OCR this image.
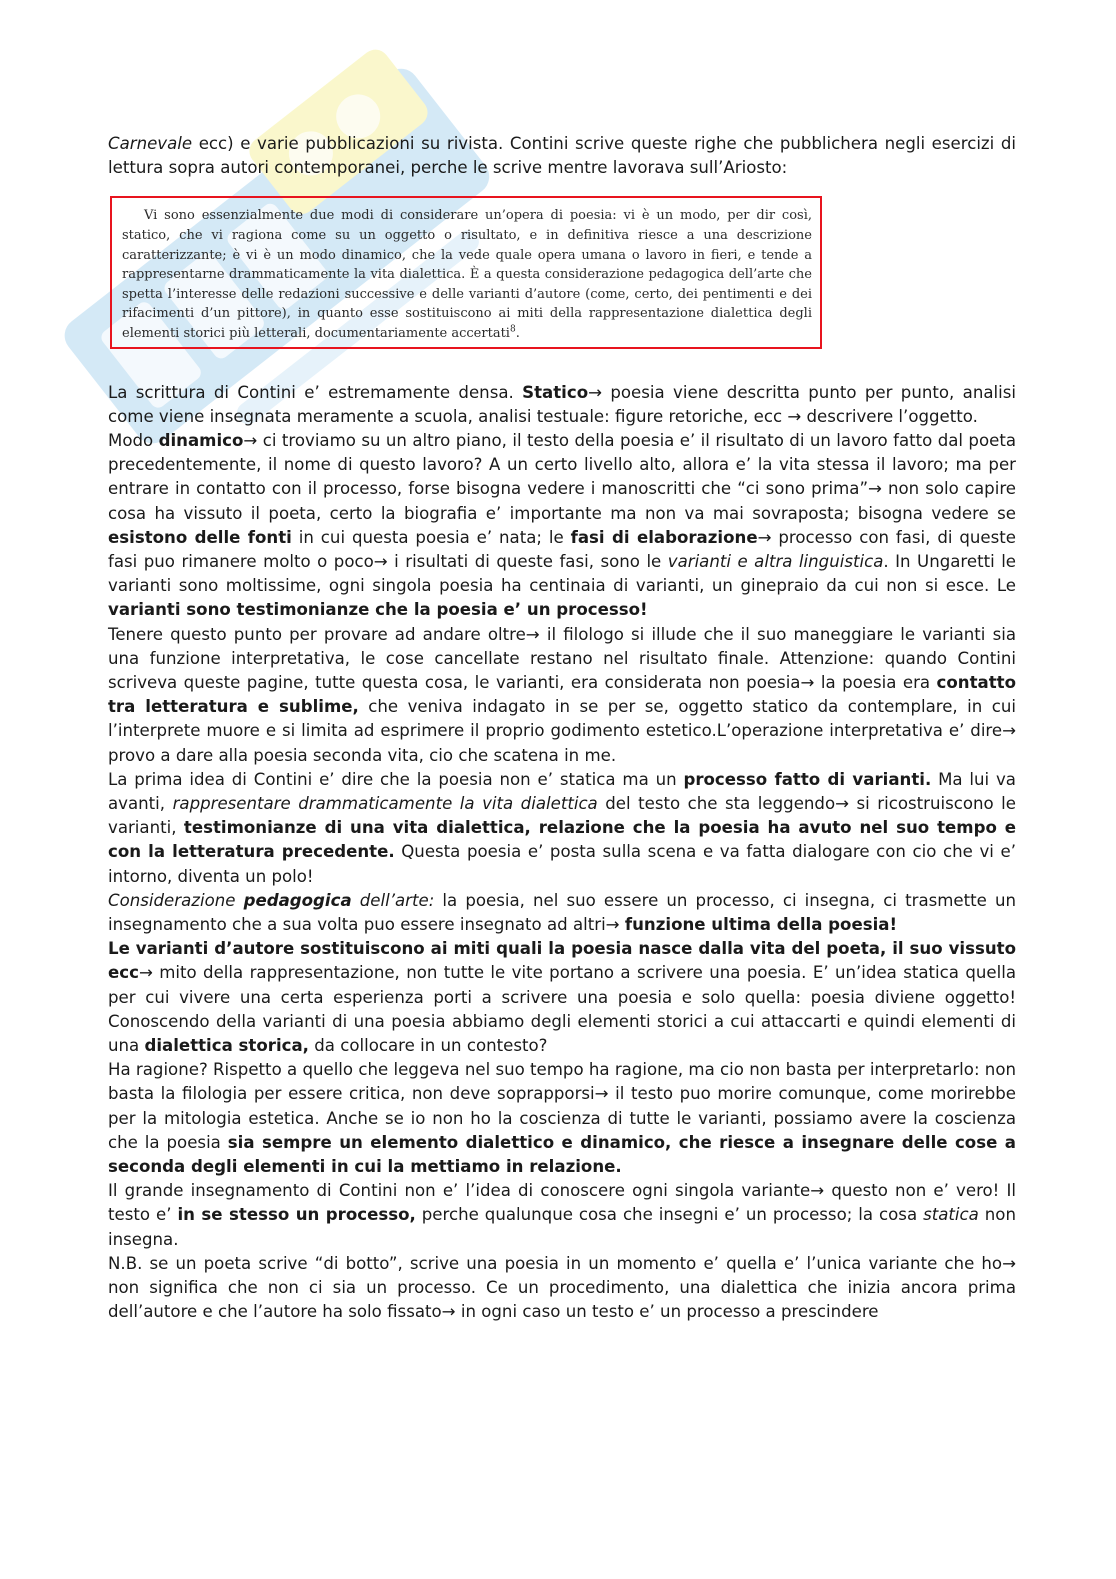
Carnevale ecc) e varie pubblicazioni su rivista. Contini scrive queste righe che pubblichera negli esercizi di lettura sopra autori contemporanei, perche le scrive mentre lavorava sull’Ariosto:

Vi sono essenzialmente due modi di considerare un’opera di poesia: vi è un modo, per dir così, statico, che vi ragiona come su un oggetto o risultato, e in definitiva riesce a una descrizione caratterizzante; è vi è un modo dinamico, che la vede quale opera umana o lavoro in fieri, e tende a rappresentarne drammaticamente la vita dialettica. È a questa considerazione pedagogica dell’arte che spetta l’interesse delle redazioni successive e delle varianti d’autore (come, certo, dei pentimenti e dei rifacimenti d’un pittore), in quanto esse sostituiscono ai miti della rappresentazione dialettica degli elementi storici più letterali, documentariamente accertati$^8$.

La scrittura di Contini e’ estremamente densa. Statico→ poesia viene descritta punto per punto, analisi come viene insegnata meramente a scuola, analisi testuale: figure retoriche, ecc → descrivere l’oggetto.

Modo dinamico→ ci troviamo su un altro piano, il testo della poesia e’ il risultato di un lavoro fatto dal poeta precedentemente, il nome di questo lavoro? A un certo livello alto, allora e’ la vita stessa il lavoro; ma per entrare in contatto con il processo, forse bisogna vedere i manoscritti che “ci sono prima”→ non solo capire cosa ha vissuto il poeta, certo la biografia e’ importante ma non va mai sovraposta; bisogna vedere se esistono delle fonti in cui questa poesia e’ nata; le fasi di elaborazione→ processo con fasi, di queste fasi puo rimanere molto o poco→ i risultati di queste fasi, sono le varianti e altra linguistica. In Ungaretti le varianti sono moltissime, ogni singola poesia ha centinaia di varianti, un ginepraio da cui non si esce. Le varianti sono testimonianze che la poesia e’ un processo!

Tenere questo punto per provare ad andare oltre→ il filologo si illude che il suo maneggiare le varianti sia una funzione interpretativa, le cose cancellate restano nel risultato finale. Attenzione: quando Contini scriveva queste pagine, tutte questa cosa, le varianti, era considerata non poesia→ la poesia era contatto tra letteratura e sublime, che veniva indagato in se per se, oggetto statico da contemplare, in cui l’interprete muore e si limita ad esprimere il proprio godimento estetico.L’operazione interpretativa e’ dire→ provo a dare alla poesia seconda vita, cio che scatena in me.

La prima idea di Contini e’ dire che la poesia non e’ statica ma un processo fatto di varianti. Ma lui va avanti, rappresentare drammaticamente la vita dialettica del testo che sta leggendo→ si ricostruiscono le varianti, testimonianze di una vita dialettica, relazione che la poesia ha avuto nel suo tempo e con la letteratura precedente. Questa poesia e’ posta sulla scena e va fatta dialogare con cio che vi e’ intorno, diventa un polo!

Considerazione pedagogica dell’arte: la poesia, nel suo essere un processo, ci insegna, ci trasmette un insegnamento che a sua volta puo essere insegnato ad altri→ funzione ultima della poesia!

Le varianti d’autore sostituiscono ai miti quali la poesia nasce dalla vita del poeta, il suo vissuto ecc→ mito della rappresentazione, non tutte le vite portano a scrivere una poesia. E’ un’idea statica quella per cui vivere una certa esperienza porti a scrivere una poesia e solo quella: poesia diviene oggetto! Conoscendo della varianti di una poesia abbiamo degli elementi storici a cui attaccarti e quindi elementi di una dialettica storica, da collocare in un contesto?

Ha ragione? Rispetto a quello che leggeva nel suo tempo ha ragione, ma cio non basta per interpretarlo: non basta la filologia per essere critica, non deve soprapporsi→ il testo puo morire comunque, come morirebbe per la mitologia estetica. Anche se io non ho la coscienza di tutte le varianti, possiamo avere la coscienza che la poesia sia sempre un elemento dialettico e dinamico, che riesce a insegnare delle cose a seconda degli elementi in cui la mettiamo in relazione.

Il grande insegnamento di Contini non e’ l’idea di conoscere ogni singola variante→ questo non e’ vero! Il testo e’ in se stesso un processo, perche qualunque cosa che insegni e’ un processo; la cosa statica non insegna.

N.B. se un poeta scrive “di botto”, scrive una poesia in un momento e’ quella e’ l’unica variante che ho→ non significa che non ci sia un processo. Ce un procedimento, una dialettica che inizia ancora prima dell’autore e che l’autore ha solo fissato→ in ogni caso un testo e’ un processo a prescindere
